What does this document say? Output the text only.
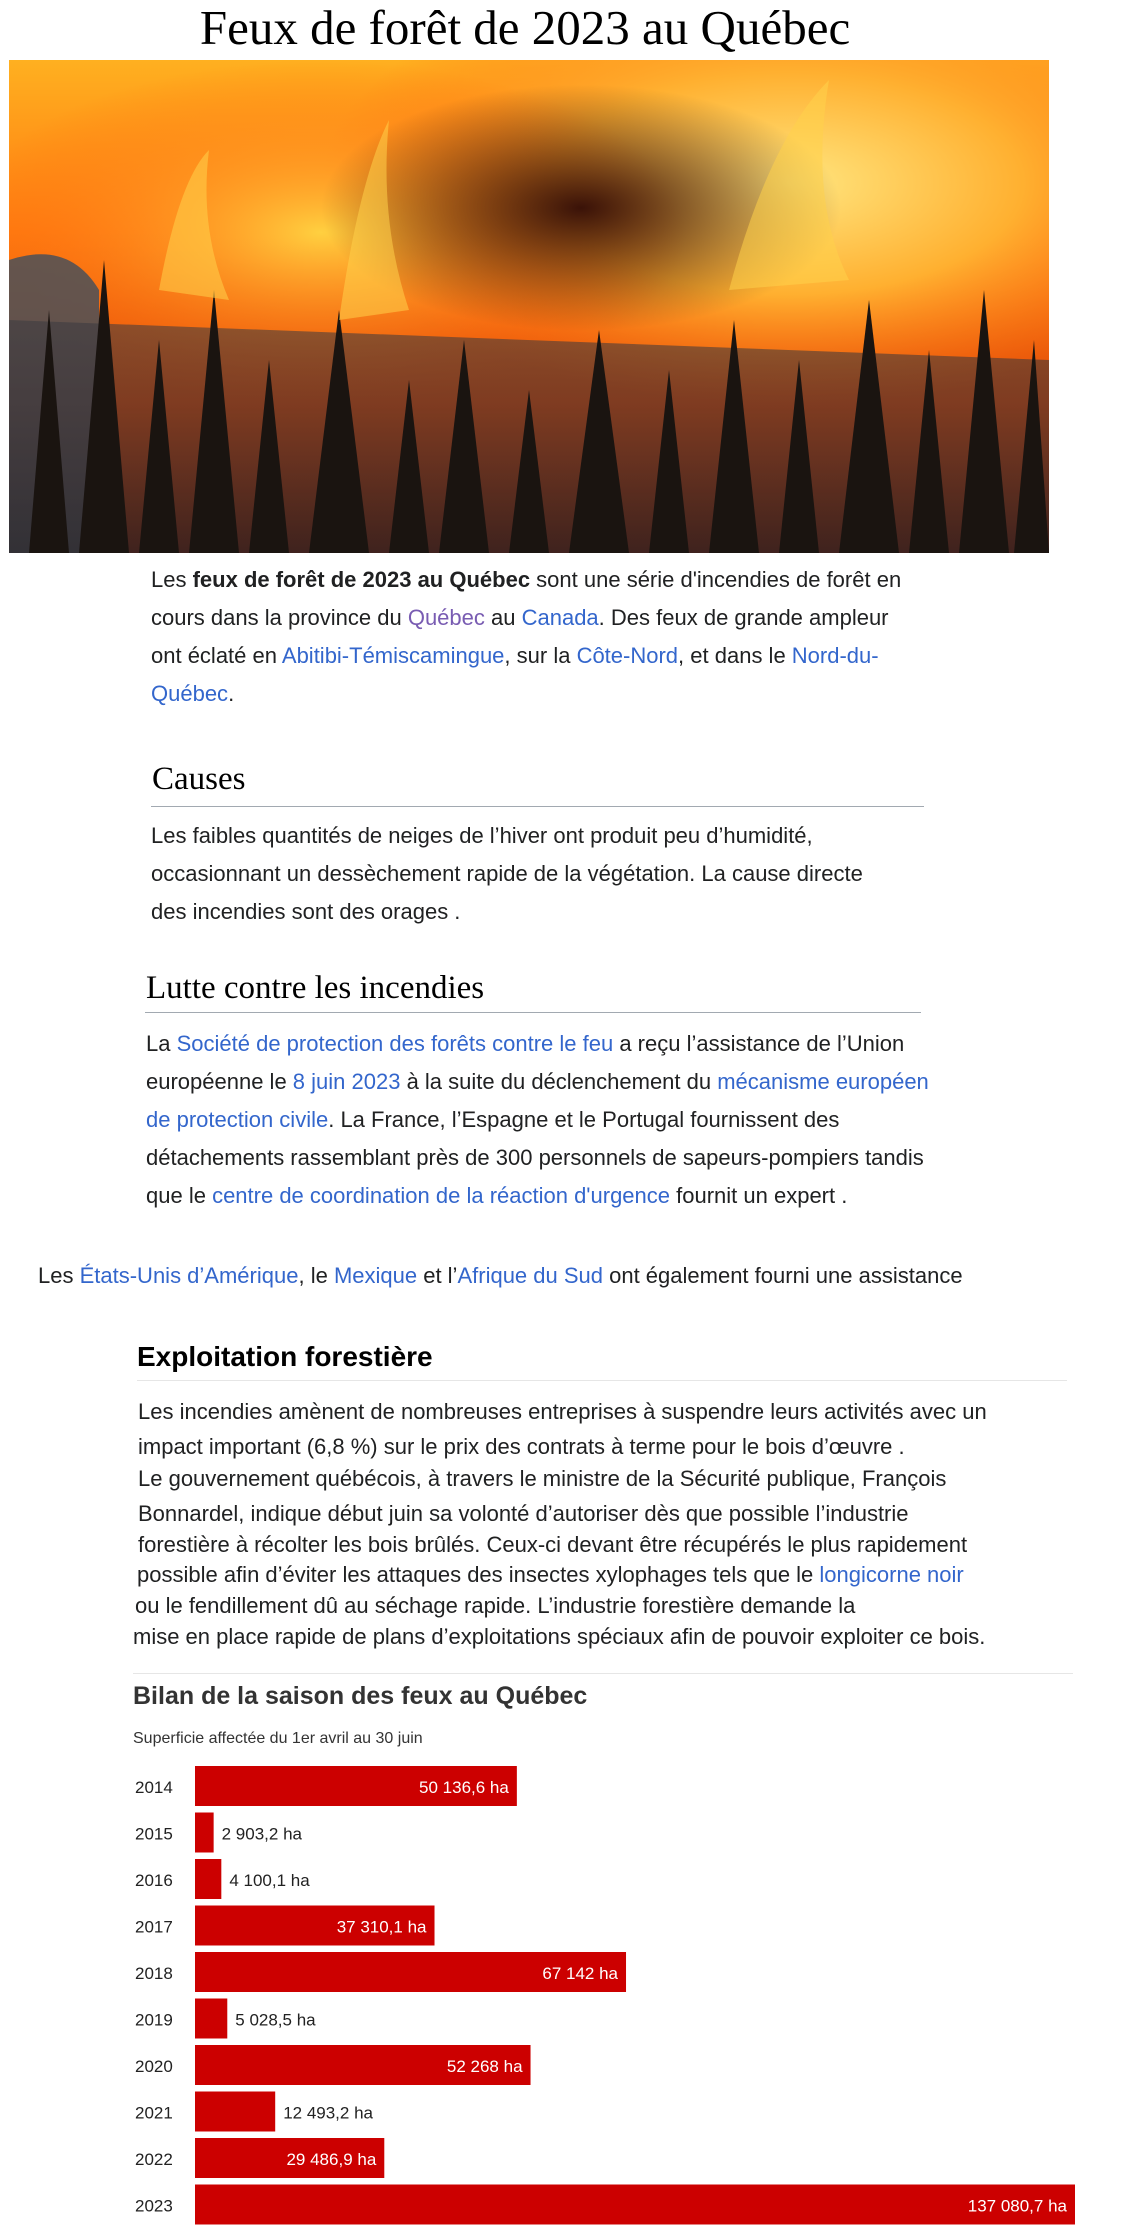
Feux de forêt de 2023 au Québec

Les feux de forêt de 2023 au Québec sont une série d'incendies de forêt en cours dans la province du Québec au Canada. Des feux de grande ampleur ont éclaté en Abitibi-Témiscamingue, sur la Côte-Nord, et dans le Nord-du-Québec.

Causes

Les faibles quantités de neiges de l’hiver ont produit peu d’humidité, occasionnant un dessèchement rapide de la végétation. La cause directe des incendies sont des orages .

Lutte contre les incendies

La Société de protection des forêts contre le feu a reçu l’assistance de l’Union européenne le 8 juin 2023 à la suite du déclenchement du mécanisme européen de protection civile. La France, l’Espagne et le Portugal fournissent des détachements rassemblant près de 300 personnels de sapeurs-pompiers tandis que le centre de coordination de la réaction d'urgence fournit un expert .

Les États-Unis d’Amérique, le Mexique et l’Afrique du Sud ont également fourni une assistance

Exploitation forestière

Les incendies amènent de nombreuses entreprises à suspendre leurs activités avec un

impact important (6,8 %) sur le prix des contrats à terme pour le bois d’œuvre .

Le gouvernement québécois, à travers le ministre de la Sécurité publique, François

Bonnardel, indique début juin sa volonté d’autoriser dès que possible l’industrie

forestière à récolter les bois brûlés. Ceux-ci devant être récupérés le plus rapidement

possible afin d’éviter les attaques des insectes xylophages tels que le longicorne noir

ou le fendillement dû au séchage rapide. L’industrie forestière demande la

mise en place rapide de plans d’exploitations spéciaux afin de pouvoir exploiter ce bois.

Bilan de la saison des feux au Québec

Superficie affectée du 1er avril au 30 juin

2014	50 136,6 ha
2015	2 903,2 ha
2016	4 100,1 ha
2017	37 310,1 ha
2018	67 142 ha
2019	5 028,5 ha
2020	52 268 ha
2021	12 493,2 ha
2022	29 486,9 ha
2023	137 080,7 ha
